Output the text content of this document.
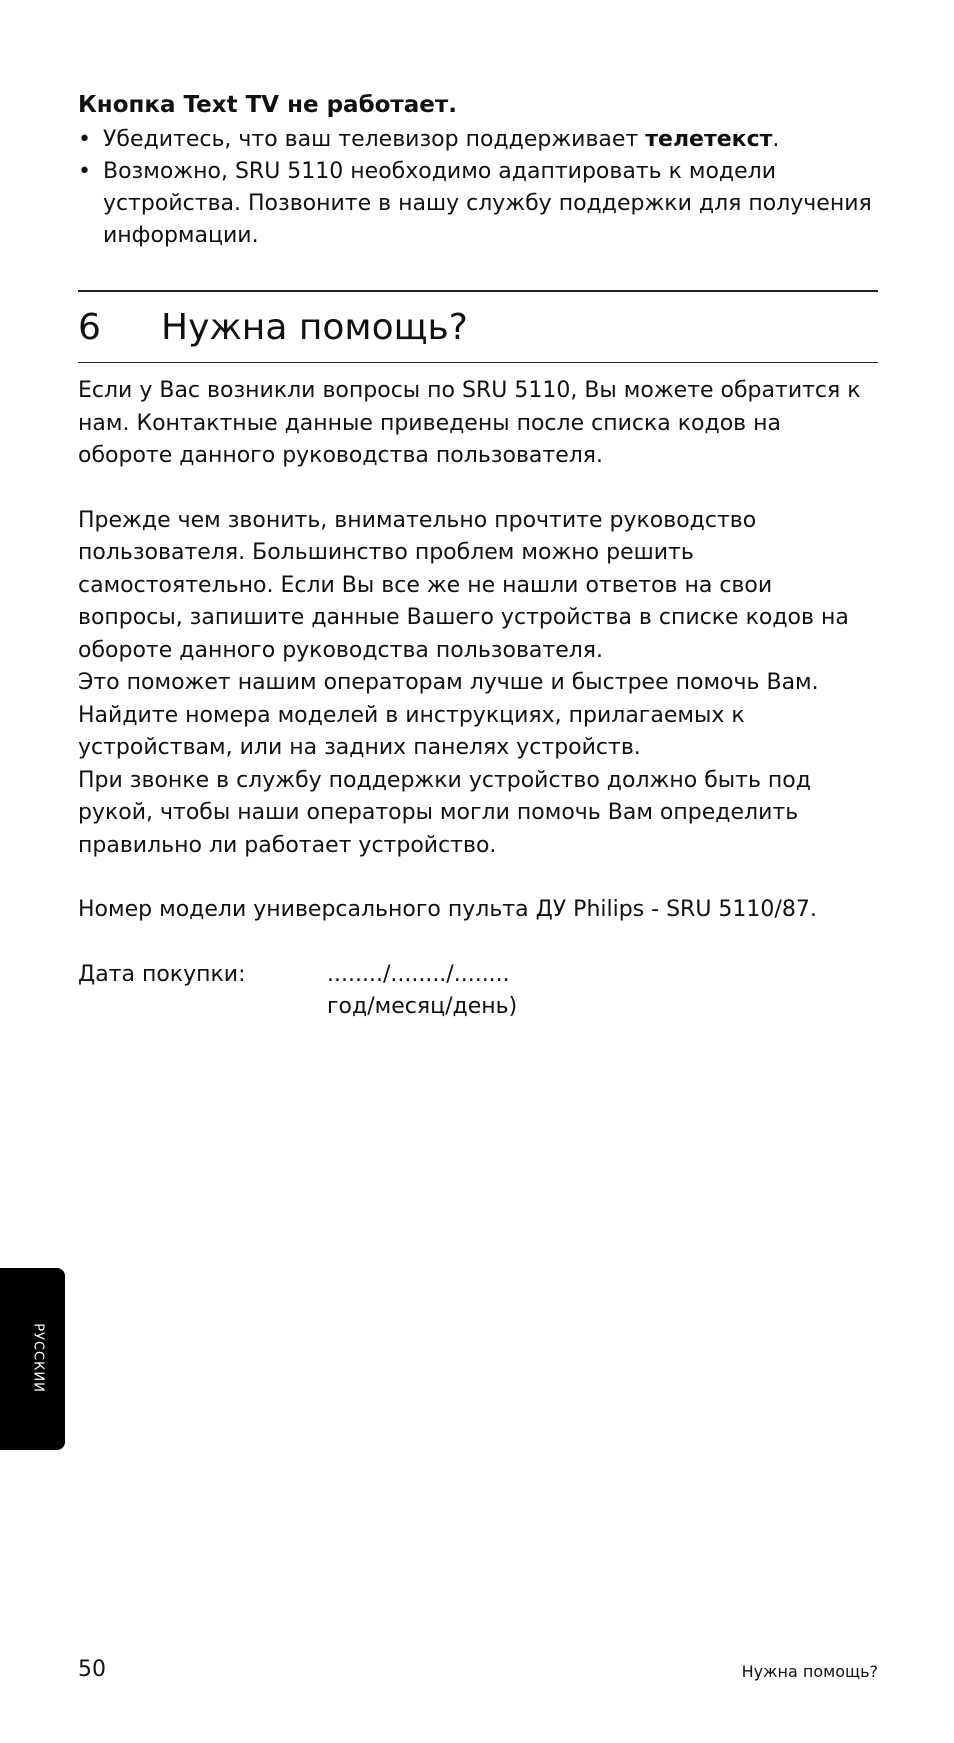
Кнопка Text TV не работает.
• Убедитесь, что ваш телевизор поддерживает телетекст.
• Возможно, SRU 5110 необходимо адаптировать к модели устройства. Позвоните в нашу службу поддержки для получения информации.
6	Нужна помощь?

Если у Вас возникли вопросы по SRU 5110, Вы можете обратится к нам. Контактные данные приведены после списка кодов на обороте данного руководства пользователя.

Прежде чем звонить, внимательно прочтите руководство пользователя. Большинство проблем можно решить самостоятельно. Если Вы все же не нашли ответов на свои вопросы, запишите данные Вашего устройства в списке кодов на обороте данного руководства пользователя.

Это поможет нашим операторам лучше и быстрее помочь Вам. Найдите номера моделей в инструкциях, прилагаемых к устройствам, или на задних панелях устройств.

При звонке в службу поддержки устройство должно быть под рукой, чтобы наши операторы могли помочь Вам определить правильно ли работает устройство.

Номер модели универсального пульта ДУ Philips - SRU 5110/87.

Дата покупки:	......../......../........
год/месяц/день)
РУССКИИ
50	Нужна помощь?
